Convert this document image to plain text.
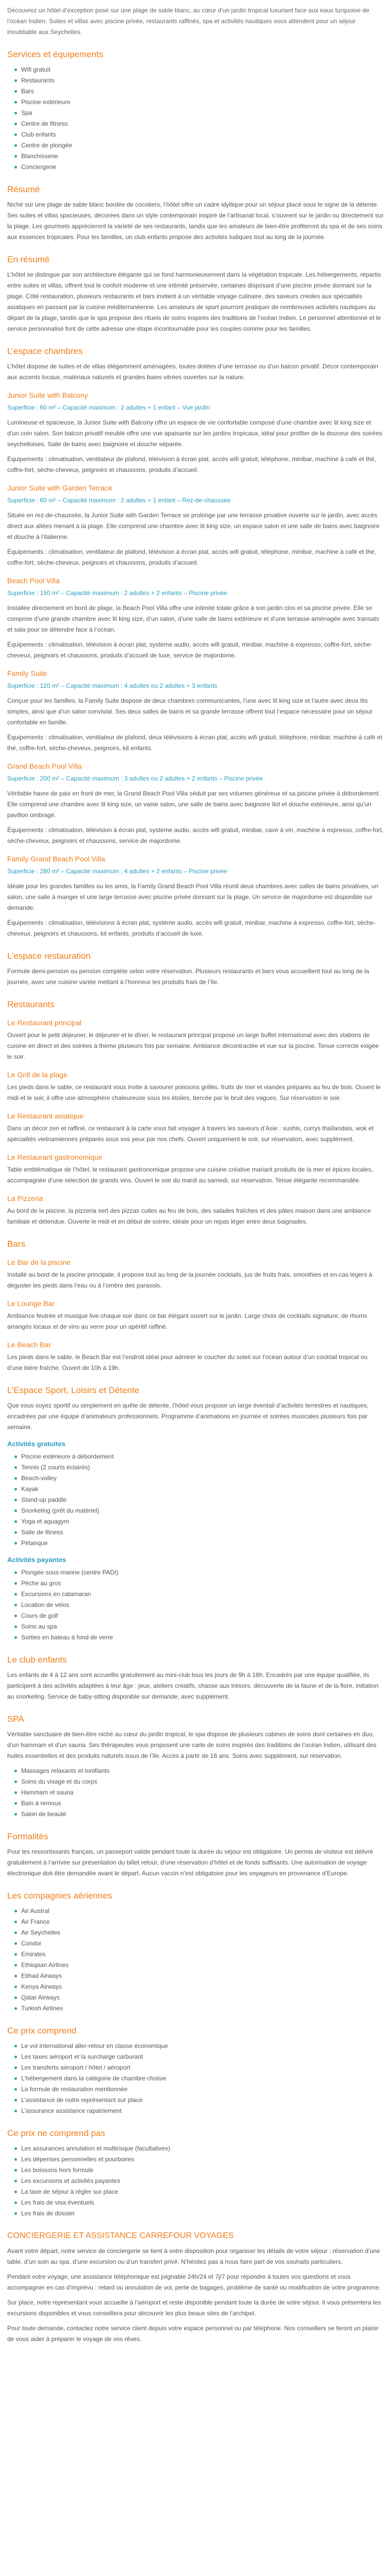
Découvrez un hôtel d’exception posé sur une plage de sable blanc, au cœur d’un jardin tropical luxuriant face aux eaux turquoise de l’océan Indien. Suites et villas avec piscine privée, restaurants raffinés, spa et activités nautiques vous attendent pour un séjour inoubliable aux Seychelles.

Services et équipements
Wifi gratuit
Restaurants
Bars
Piscine extérieure
Spa
Centre de fitness
Club enfants
Centre de plongée
Blanchisserie
Conciergerie
Résumé

Niché sur une plage de sable blanc bordée de cocotiers, l’hôtel offre un cadre idyllique pour un séjour placé sous le signe de la détente. Ses suites et villas spacieuses, décorées dans un style contemporain inspiré de l’artisanat local, s’ouvrent sur le jardin ou directement sur la plage. Les gourmets apprécieront la variété de ses restaurants, tandis que les amateurs de bien-être profiteront du spa et de ses soins aux essences tropicales. Pour les familles, un club enfants propose des activités ludiques tout au long de la journée.

En résumé

L’hôtel se distingue par son architecture élégante qui se fond harmonieusement dans la végétation tropicale. Les hébergements, répartis entre suites et villas, offrent tout le confort moderne et une intimité préservée, certaines disposant d’une piscine privée donnant sur la plage. Côté restauration, plusieurs restaurants et bars invitent à un véritable voyage culinaire, des saveurs créoles aux spécialités asiatiques en passant par la cuisine méditerranéenne. Les amateurs de sport pourront pratiquer de nombreuses activités nautiques au départ de la plage, tandis que le spa propose des rituels de soins inspirés des traditions de l’océan Indien. Le personnel attentionné et le service personnalisé font de cette adresse une étape incontournable pour les couples comme pour les familles.

L’espace chambres

L’hôtel dispose de suites et de villas élégamment aménagées, toutes dotées d’une terrasse ou d’un balcon privatif. Décor contemporain aux accents locaux, matériaux naturels et grandes baies vitrées ouvertes sur la nature.

Junior Suite with Balcony

Superficie : 60 m² – Capacité maximum : 2 adultes + 1 enfant – Vue jardin

Lumineuse et spacieuse, la Junior Suite with Balcony offre un espace de vie confortable composé d’une chambre avec lit king size et d’un coin salon. Son balcon privatif meublé offre une vue apaisante sur les jardins tropicaux, idéal pour profiter de la douceur des soirées seychelloises. Salle de bains avec baignoire et douche séparée.

Équipements : climatisation, ventilateur de plafond, télévision à écran plat, accès wifi gratuit, téléphone, minibar, machine à café et thé, coffre-fort, sèche-cheveux, peignoirs et chaussons, produits d’accueil.

Junior Suite with Garden Terrace

Superficie : 60 m² – Capacité maximum : 2 adultes + 1 enfant – Rez-de-chaussée

Située en rez-de-chaussée, la Junior Suite with Garden Terrace se prolonge par une terrasse privative ouverte sur le jardin, avec accès direct aux allées menant à la plage. Elle comprend une chambre avec lit king size, un espace salon et une salle de bains avec baignoire et douche à l’italienne.

Équipements : climatisation, ventilateur de plafond, télévision à écran plat, accès wifi gratuit, téléphone, minibar, machine à café et thé, coffre-fort, sèche-cheveux, peignoirs et chaussons, produits d’accueil.

Beach Pool Villa

Superficie : 150 m² – Capacité maximum : 2 adultes + 2 enfants – Piscine privée

Installée directement en bord de plage, la Beach Pool Villa offre une intimité totale grâce à son jardin clos et sa piscine privée. Elle se compose d’une grande chambre avec lit king size, d’un salon, d’une salle de bains extérieure et d’une terrasse aménagée avec transats et sala pour se détendre face à l’océan.

Équipements : climatisation, télévision à écran plat, système audio, accès wifi gratuit, minibar, machine à expresso, coffre-fort, sèche-cheveux, peignoirs et chaussons, produits d’accueil de luxe, service de majordome.

Family Suite

Superficie : 120 m² – Capacité maximum : 4 adultes ou 2 adultes + 3 enfants

Conçue pour les familles, la Family Suite dispose de deux chambres communicantes, l’une avec lit king size et l’autre avec deux lits simples, ainsi que d’un salon convivial. Ses deux salles de bains et sa grande terrasse offrent tout l’espace nécessaire pour un séjour confortable en famille.

Équipements : climatisation, ventilateur de plafond, deux télévisions à écran plat, accès wifi gratuit, téléphone, minibar, machine à café et thé, coffre-fort, sèche-cheveux, peignoirs, kit enfants.

Grand Beach Pool Villa

Superficie : 200 m² – Capacité maximum : 3 adultes ou 2 adultes + 2 enfants – Piscine privée

Véritable havre de paix en front de mer, la Grand Beach Pool Villa séduit par ses volumes généreux et sa piscine privée à débordement. Elle comprend une chambre avec lit king size, un vaste salon, une salle de bains avec baignoire îlot et douche extérieure, ainsi qu’un pavillon ombragé.

Équipements : climatisation, télévision à écran plat, système audio, accès wifi gratuit, minibar, cave à vin, machine à expresso, coffre-fort, sèche-cheveux, peignoirs et chaussons, service de majordome.

Family Grand Beach Pool Villa

Superficie : 280 m² – Capacité maximum : 4 adultes + 2 enfants – Piscine privée

Idéale pour les grandes familles ou les amis, la Family Grand Beach Pool Villa réunit deux chambres avec salles de bains privatives, un salon, une salle à manger et une large terrasse avec piscine privée donnant sur la plage. Un service de majordome est disponible sur demande.

Équipements : climatisation, télévisions à écran plat, système audio, accès wifi gratuit, minibar, machine à expresso, coffre-fort, sèche-cheveux, peignoirs et chaussons, kit enfants, produits d’accueil de luxe.

L’espace restauration

Formule demi-pension ou pension complète selon votre réservation. Plusieurs restaurants et bars vous accueillent tout au long de la journée, avec une cuisine variée mettant à l’honneur les produits frais de l’île.

Restaurants
Le Restaurant principal

Ouvert pour le petit déjeuner, le déjeuner et le dîner, le restaurant principal propose un large buffet international avec des stations de cuisine en direct et des soirées à thème plusieurs fois par semaine. Ambiance décontractée et vue sur la piscine. Tenue correcte exigée le soir.

Le Grill de la plage

Les pieds dans le sable, ce restaurant vous invite à savourer poissons grillés, fruits de mer et viandes préparés au feu de bois. Ouvert le midi et le soir, il offre une atmosphère chaleureuse sous les étoiles, bercée par le bruit des vagues. Sur réservation le soir.

Le Restaurant asiatique

Dans un décor zen et raffiné, ce restaurant à la carte vous fait voyager à travers les saveurs d’Asie : sushis, currys thaïlandais, wok et spécialités vietnamiennes préparés sous vos yeux par nos chefs. Ouvert uniquement le soir, sur réservation, avec supplément.

Le Restaurant gastronomique

Table emblématique de l’hôtel, le restaurant gastronomique propose une cuisine créative mariant produits de la mer et épices locales, accompagnée d’une sélection de grands vins. Ouvert le soir du mardi au samedi, sur réservation. Tenue élégante recommandée.

La Pizzeria

Au bord de la piscine, la pizzeria sert des pizzas cuites au feu de bois, des salades fraîches et des pâtes maison dans une ambiance familiale et détendue. Ouverte le midi et en début de soirée, idéale pour un repas léger entre deux baignades.

Bars
Le Bar de la piscine

Installé au bord de la piscine principale, il propose tout au long de la journée cocktails, jus de fruits frais, smoothies et en-cas légers à déguster les pieds dans l’eau ou à l’ombre des parasols.

Le Lounge Bar

Ambiance feutrée et musique live chaque soir dans ce bar élégant ouvert sur le jardin. Large choix de cocktails signature, de rhums arrangés locaux et de vins au verre pour un apéritif raffiné.

Le Beach Bar

Les pieds dans le sable, le Beach Bar est l’endroit idéal pour admirer le coucher du soleil sur l’océan autour d’un cocktail tropical ou d’une bière fraîche. Ouvert de 10h à 19h.

L’Espace Sport, Loisirs et Détente

Que vous soyez sportif ou simplement en quête de détente, l’hôtel vous propose un large éventail d’activités terrestres et nautiques, encadrées par une équipe d’animateurs professionnels. Programme d’animations en journée et soirées musicales plusieurs fois par semaine.

Activités gratuites
Piscine extérieure à débordement
Tennis (2 courts éclairés)
Beach-volley
Kayak
Stand-up paddle
Snorkeling (prêt du matériel)
Yoga et aquagym
Salle de fitness
Pétanque
Activités payantes
Plongée sous-marine (centre PADI)
Pêche au gros
Excursions en catamaran
Location de vélos
Cours de golf
Soins au spa
Sorties en bateau à fond de verre
Le club enfants

Les enfants de 4 à 12 ans sont accueillis gratuitement au mini-club tous les jours de 9h à 18h. Encadrés par une équipe qualifiée, ils participent à des activités adaptées à leur âge : jeux, ateliers créatifs, chasse aux trésors, découverte de la faune et de la flore, initiation au snorkeling. Service de baby-sitting disponible sur demande, avec supplément.

SPA

Véritable sanctuaire de bien-être niché au cœur du jardin tropical, le spa dispose de plusieurs cabines de soins dont certaines en duo, d’un hammam et d’un sauna. Ses thérapeutes vous proposent une carte de soins inspirés des traditions de l’océan Indien, utilisant des huiles essentielles et des produits naturels issus de l’île. Accès à partir de 16 ans. Soins avec supplément, sur réservation.

Massages relaxants et tonifiants
Soins du visage et du corps
Hammam et sauna
Bain à remous
Salon de beauté
Formalités

Pour les ressortissants français, un passeport valide pendant toute la durée du séjour est obligatoire. Un permis de visiteur est délivré gratuitement à l’arrivée sur présentation du billet retour, d’une réservation d’hôtel et de fonds suffisants. Une autorisation de voyage électronique doit être demandée avant le départ. Aucun vaccin n’est obligatoire pour les voyageurs en provenance d’Europe.

Les compagnies aériennes
Air Austral
Air France
Air Seychelles
Condor
Emirates
Ethiopian Airlines
Etihad Airways
Kenya Airways
Qatar Airways
Turkish Airlines
Ce prix comprend
Le vol international aller-retour en classe économique
Les taxes aéroport et la surcharge carburant
Les transferts aéroport / hôtel / aéroport
L’hébergement dans la catégorie de chambre choisie
La formule de restauration mentionnée
L’assistance de notre représentant sur place
L’assurance assistance rapatriement
Ce prix ne comprend pas
Les assurances annulation et multirisque (facultatives)
Les dépenses personnelles et pourboires
Les boissons hors formule
Les excursions et activités payantes
La taxe de séjour à régler sur place
Les frais de visa éventuels
Les frais de dossier
CONCIERGERIE ET ASSISTANCE CARREFOUR VOYAGES

Avant votre départ, notre service de conciergerie se tient à votre disposition pour organiser les détails de votre séjour : réservation d’une table, d’un soin au spa, d’une excursion ou d’un transfert privé. N’hésitez pas à nous faire part de vos souhaits particuliers.

Pendant votre voyage, une assistance téléphonique est joignable 24h/24 et 7j/7 pour répondre à toutes vos questions et vous accompagner en cas d’imprévu : retard ou annulation de vol, perte de bagages, problème de santé ou modification de votre programme.

Sur place, notre représentant vous accueille à l’aéroport et reste disponible pendant toute la durée de votre séjour. Il vous présentera les excursions disponibles et vous conseillera pour découvrir les plus beaux sites de l’archipel.

Pour toute demande, contactez notre service client depuis votre espace personnel ou par téléphone. Nos conseillers se feront un plaisir de vous aider à préparer le voyage de vos rêves.
